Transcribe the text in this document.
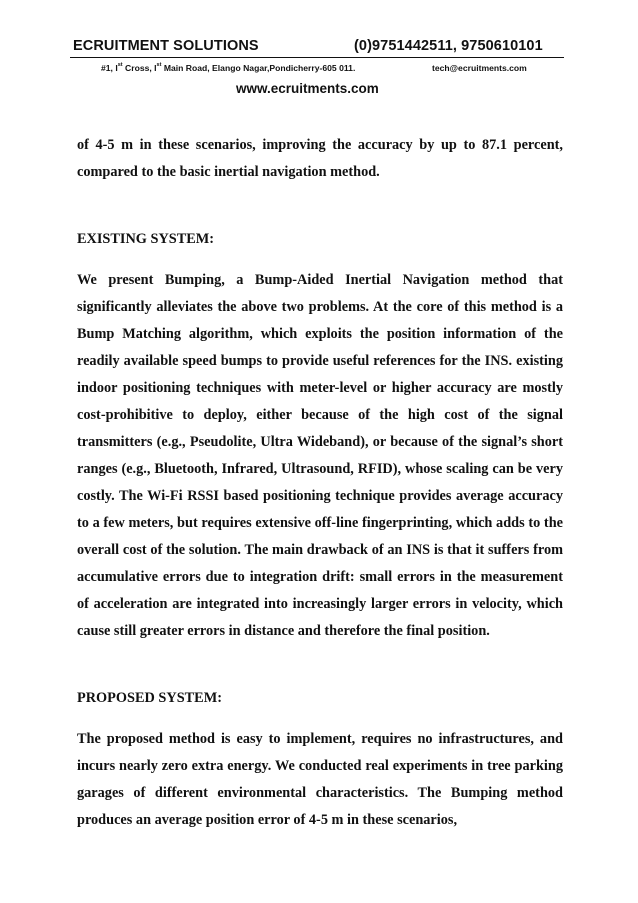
ECRUITMENT SOLUTIONS	(0)9751442511, 9750610101
#1, Ist Cross, Ist Main Road, Elango Nagar,Pondicherry-605 011.	tech@ecruitments.com
www.ecruitments.com

of 4-5 m in these scenarios, improving the accuracy by up to 87.1 percent, compared to the basic inertial navigation method.

EXISTING SYSTEM:

We present Bumping, a Bump-Aided Inertial Navigation method that significantly alleviates the above two problems. At the core of this method is a Bump Matching algorithm, which exploits the position information of the readily available speed bumps to provide useful references for the INS. existing indoor positioning techniques with meter-level or higher accuracy are mostly cost-prohibitive to deploy, either because of the high cost of the signal transmitters (e.g., Pseudolite, Ultra Wideband), or because of the signal’s short ranges (e.g., Bluetooth, Infrared, Ultrasound, RFID), whose scaling can be very costly. The Wi-Fi RSSI based positioning technique provides average accuracy to a few meters, but requires extensive off-line fingerprinting, which adds to the overall cost of the solution. The main drawback of an INS is that it suffers from accumulative errors due to integration drift: small errors in the measurement of acceleration are integrated into increasingly larger errors in velocity, which cause still greater errors in distance and therefore the final position.

PROPOSED SYSTEM:

The proposed method is easy to implement, requires no infrastructures, and incurs nearly zero extra energy. We conducted real experiments in tree parking garages of different environmental characteristics. The Bumping method produces an average position error of 4-5 m in these scenarios,
